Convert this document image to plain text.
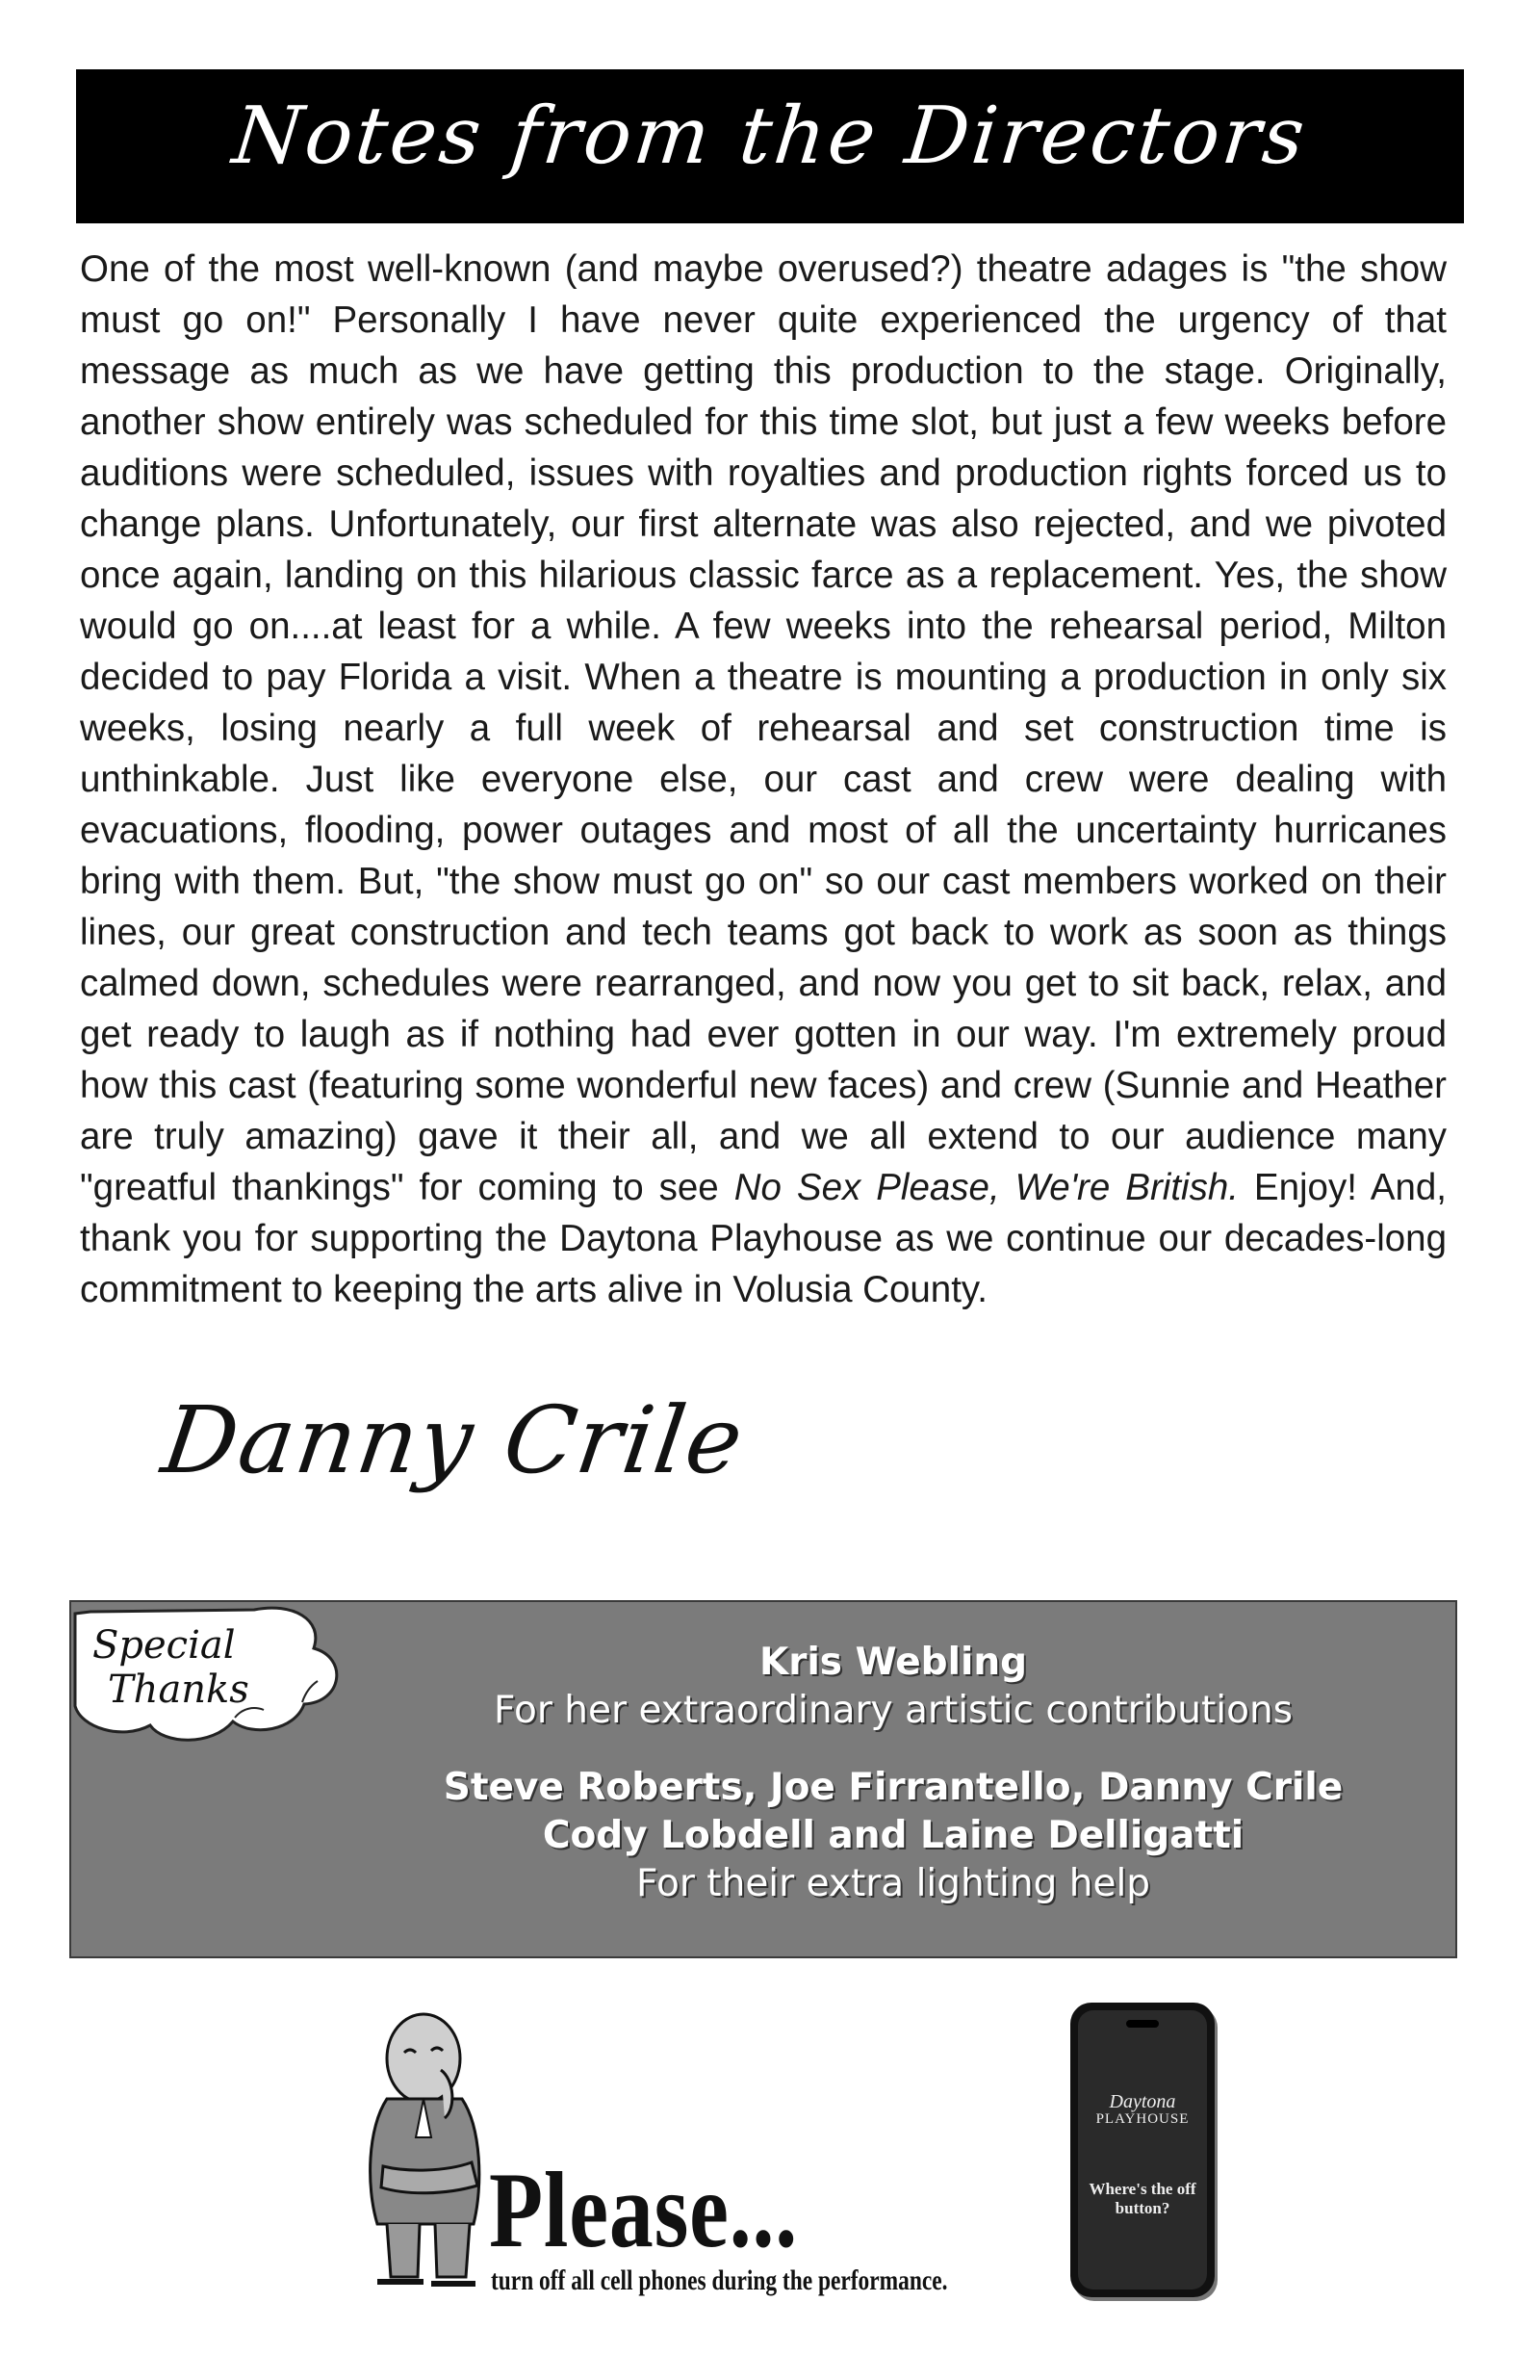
Notes from the Directors
One of the most well-known (and maybe overused?) theatre adages is "the show must go on!" Personally I have never quite experienced the urgency of that message as much as we have getting this production to the stage. Originally, another show entirely was scheduled for this time slot, but just a few weeks before auditions were scheduled, issues with royalties and production rights forced us to change plans. Unfortunately, our first alternate was also rejected, and we pivoted once again, landing on this hilarious classic farce as a replacement. Yes, the show would go on....at least for a while. A few weeks into the rehearsal period, Milton decided to pay Florida a visit. When a theatre is mounting a production in only six weeks, losing nearly a full week of rehearsal and set construction time is unthinkable. Just like everyone else, our cast and crew were dealing with evacuations, flooding, power outages and most of all the uncertainty hurricanes bring with them. But, "the show must go on" so our cast members worked on their lines, our great construction and tech teams got back to work as soon as things calmed down, schedules were rearranged, and now you get to sit back, relax, and get ready to laugh as if nothing had ever gotten in our way. I'm extremely proud how this cast (featuring some wonderful new faces) and crew (Sunnie and Heather are truly amazing) gave it their all, and we all extend to our audience many "greatful thankings" for coming to see No Sex Please, We're British. Enjoy! And, thank you for supporting the Daytona Playhouse as we continue our decades-long commitment to keeping the arts alive in Volusia County.
Danny Crile
Special
Thanks
Kris Webling
For her extraordinary artistic contributions
Steve Roberts, Joe Firrantello, Danny Crile
Cody Lobdell and Laine Delligatti
For their extra lighting help
Please...
turn off all cell phones during the performance.
Daytona
PLAYHOUSE
Where's the off button?
